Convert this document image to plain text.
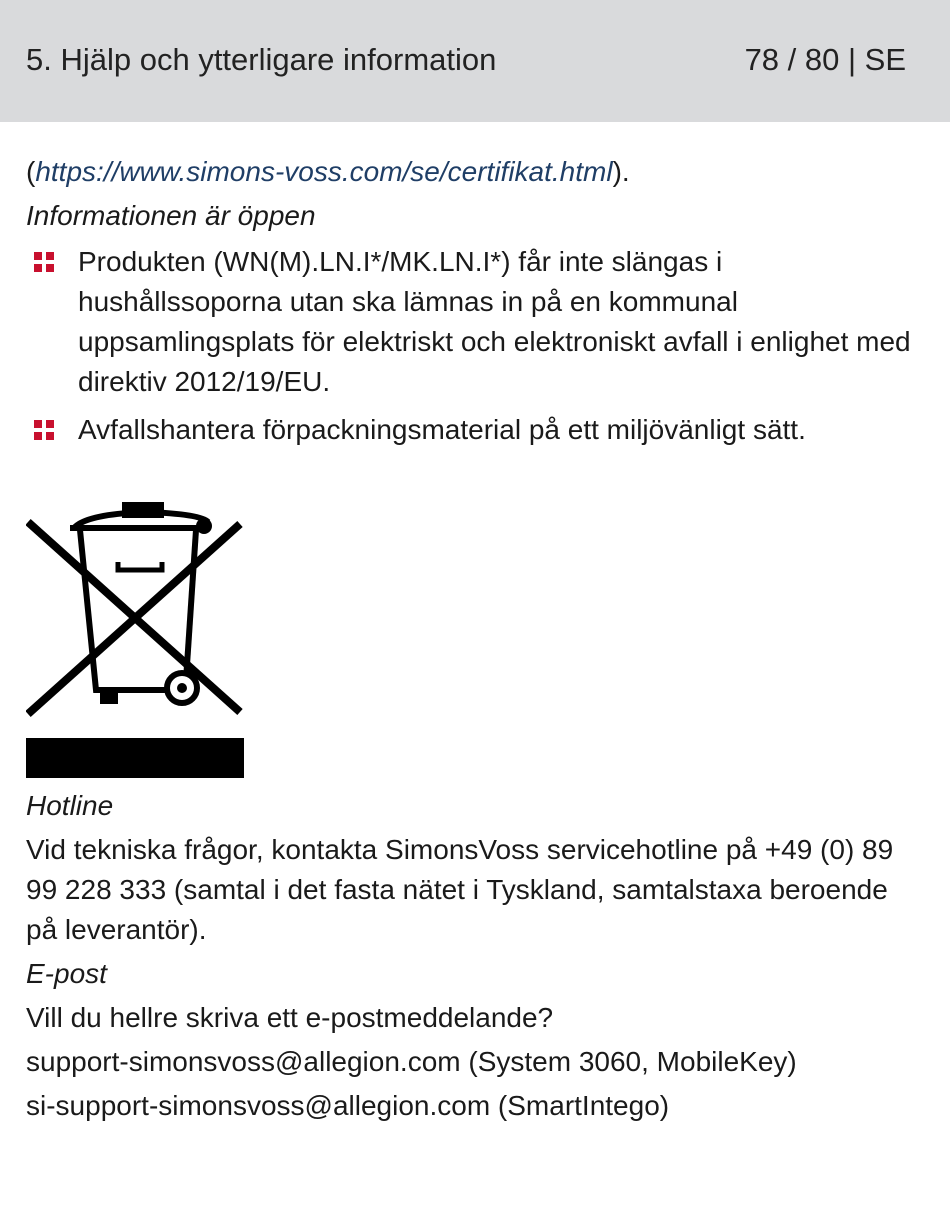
5. Hjälp och ytterligare information	78 / 80 | SE

(https://www.simons-voss.com/se/certifikat.html).

Informationen är öppen

Produkten (WN(M).LN.I*/MK.LN.I*) får inte slängas i hushållssoporna utan ska lämnas in på en kommunal uppsamlingsplats för elektriskt och elektroniskt avfall i enlighet med direktiv 2012/19/EU.
Avfallshantera förpackningsmaterial på ett miljövänligt sätt.

Hotline

Vid tekniska frågor, kontakta SimonsVoss servicehotline på +49 (0) 89 99 228 333 (samtal i det fasta nätet i Tyskland, samtalstaxa beroende på leverantör).

E-post

Vill du hellre skriva ett e-postmeddelande?

support-simonsvoss@allegion.com (System 3060, MobileKey)

si-support-simonsvoss@allegion.com (SmartIntego)
